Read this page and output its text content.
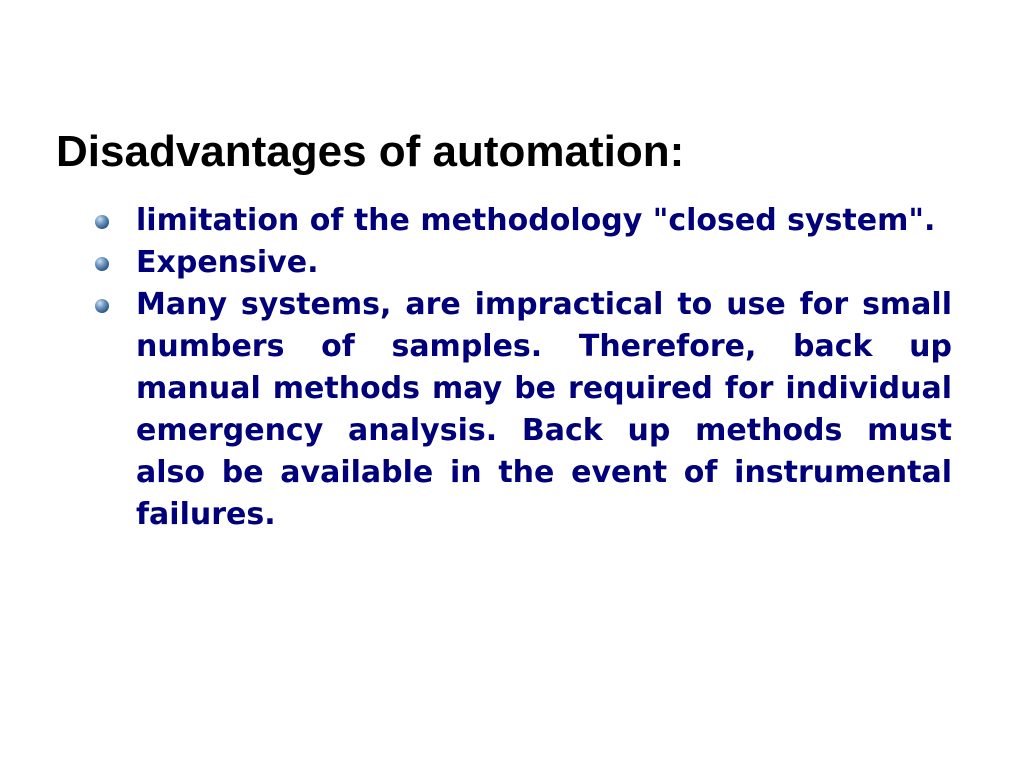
Disadvantages of automation:
limitation of the methodology "closed system".
Expensive.
Many systems, are impractical to use for small numbers of samples. Therefore, back up manual methods may be required for individual emergency analysis. Back up methods must also be available in the event of instrumental failures.
